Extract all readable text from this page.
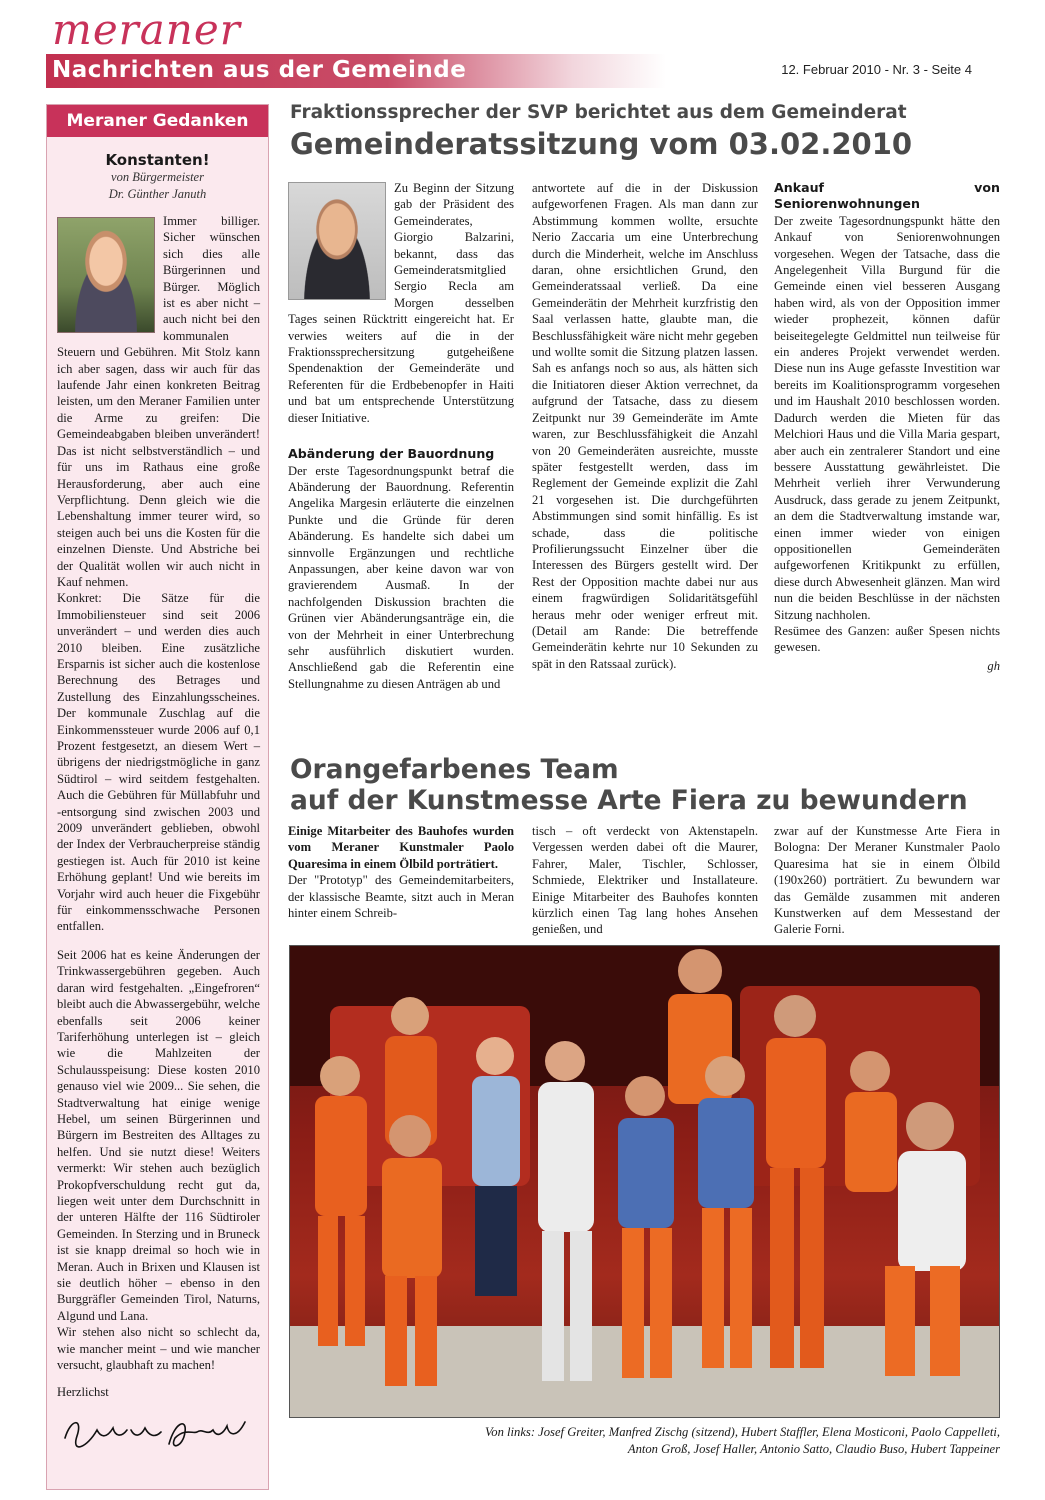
meraner
Nachrichten aus der Gemeinde	12. Februar 2010 - Nr. 3 - Seite 4
Meraner Gedanken
Konstanten!
von Bürgermeister
Dr. Günther Januth

Immer billiger. Sicher wünschen sich dies alle Bürgerinnen und Bürger. Möglich ist es aber nicht – auch nicht bei den kommunalen Steuern und Gebühren. Mit Stolz kann ich aber sagen, dass wir auch für das laufende Jahr einen konkreten Beitrag leisten, um den Meraner Familien unter die Arme zu greifen: Die Gemeindeabgaben bleiben unverändert! Das ist nicht selbstverständlich – und für uns im Rathaus eine große Herausforderung, aber auch eine Verpflichtung. Denn gleich wie die Lebenshaltung immer teurer wird, so steigen auch bei uns die Kosten für die einzelnen Dienste. Und Abstriche bei der Qualität wollen wir auch nicht in Kauf nehmen.

Konkret: Die Sätze für die Immobiliensteuer sind seit 2006 unverändert – und werden dies auch 2010 bleiben. Eine zusätzliche Ersparnis ist sicher auch die kostenlose Berechnung des Betrages und Zustellung des Einzahlungsscheines. Der kommunale Zuschlag auf die Einkommenssteuer wurde 2006 auf 0,1 Prozent festgesetzt, an diesem Wert – übrigens der niedrigstmögliche in ganz Südtirol – wird seitdem festgehalten. Auch die Gebühren für Müllabfuhr und -entsorgung sind zwischen 2003 und 2009 unverändert geblieben, obwohl der Index der Verbraucherpreise ständig gestiegen ist. Auch für 2010 ist keine Erhöhung geplant! Und wie bereits im Vorjahr wird auch heuer die Fixgebühr für einkommensschwache Personen entfallen.

Seit 2006 hat es keine Änderungen der Trinkwassergebühren gegeben. Auch daran wird festgehalten. „Eingefroren“ bleibt auch die Abwassergebühr, welche ebenfalls seit 2006 keiner Tariferhöhung unterlegen ist – gleich wie die Mahlzeiten der Schulausspeisung: Diese kosten 2010 genauso viel wie 2009... Sie sehen, die Stadtverwaltung hat einige wenige Hebel, um seinen Bürgerinnen und Bürgern im Bestreiten des Alltages zu helfen. Und sie nutzt diese! Weiters vermerkt: Wir stehen auch bezüglich Prokopfverschuldung recht gut da, liegen weit unter dem Durchschnitt in der unteren Hälfte der 116 Südtiroler Gemeinden. In Sterzing und in Bruneck ist sie knapp dreimal so hoch wie in Meran. Auch in Brixen und Klausen ist sie deutlich höher – ebenso in den Burggräfler Gemeinden Tirol, Naturns, Algund und Lana.

Wir stehen also nicht so schlecht da, wie mancher meint – und wie mancher versucht, glaubhaft zu machen!

Herzlichst
Fraktionssprecher der SVP berichtet aus dem Gemeinderat
Gemeinderatssitzung vom 03.02.2010

Zu Beginn der Sitzung gab der Präsident des Gemeinderates, Giorgio Balzarini, bekannt, dass das Gemeinderatsmitglied Sergio Recla am Morgen desselben Tages seinen Rücktritt eingereicht hat. Er verwies weiters auf die in der Fraktionssprechersitzung gutgeheißene Spendenaktion der Gemeinderäte und Referenten für die Erdbebenopfer in Haiti und bat um entsprechende Unterstützung dieser Initiative.

Abänderung der Bauordnung

Der erste Tagesordnungspunkt betraf die Abänderung der Bauordnung. Referentin Angelika Margesin erläuterte die einzelnen Punkte und die Gründe für deren Abänderung. Es handelte sich dabei um sinnvolle Ergänzungen und rechtliche Anpassungen, aber keine davon war von gravierendem Ausmaß. In der nachfolgenden Diskussion brachten die Grünen vier Abänderungsanträge ein, die von der Mehrheit in einer Unterbrechung sehr ausführlich diskutiert wurden. Anschließend gab die Referentin eine Stellungnahme zu diesen Anträgen ab und

antwortete auf die in der Diskussion aufgeworfenen Fragen. Als man dann zur Abstimmung kommen wollte, ersuchte Nerio Zaccaria um eine Unterbrechung durch die Minderheit, welche im Anschluss daran, ohne ersichtlichen Grund, den Gemeinderatssaal verließ. Da eine Gemeinderätin der Mehrheit kurzfristig den Saal verlassen hatte, glaubte man, die Beschlussfähigkeit wäre nicht mehr gegeben und wollte somit die Sitzung platzen lassen. Sah es anfangs noch so aus, als hätten sich die Initiatoren dieser Aktion verrechnet, da aufgrund der Tatsache, dass zu diesem Zeitpunkt nur 39 Gemeinderäte im Amte waren, zur Beschlussfähigkeit die Anzahl von 20 Gemeinderäten ausreichte, musste später festgestellt werden, dass im Reglement der Gemeinde explizit die Zahl 21 vorgesehen ist. Die durchgeführten Abstimmungen sind somit hinfällig. Es ist schade, dass die politische Profilierungssucht Einzelner über die Interessen des Bürgers gestellt wird. Der Rest der Opposition machte dabei nur aus einem fragwürdigen Solidaritätsgefühl heraus mehr oder weniger erfreut mit. (Detail am Rande: Die betreffende Gemeinderätin kehrte nur 10 Sekunden zu spät in den Ratssaal zurück).

Ankauf von Seniorenwohnungen

Der zweite Tagesordnungspunkt hätte den Ankauf von Seniorenwohnungen vorgesehen. Wegen der Tatsache, dass die Angelegenheit Villa Burgund für die Gemeinde einen viel besseren Ausgang haben wird, als von der Opposition immer wieder prophezeit, können dafür beiseitegelegte Geldmittel nun teilweise für ein anderes Projekt verwendet werden. Diese nun ins Auge gefasste Investition war bereits im Koalitionsprogramm vorgesehen und im Haushalt 2010 beschlossen worden. Dadurch werden die Mieten für das Melchiori Haus und die Villa Maria gespart, aber auch ein zentralerer Standort und eine bessere Ausstattung gewährleistet. Die Mehrheit verlieh ihrer Verwunderung Ausdruck, dass gerade zu jenem Zeitpunkt, an dem die Stadtverwaltung imstande war, einen immer wieder von einigen oppositionellen Gemeinderäten aufgeworfenen Kritikpunkt zu erfüllen, diese durch Abwesenheit glänzen. Man wird nun die beiden Beschlüsse in der nächsten Sitzung nachholen.

Resümee des Ganzen: außer Spesen nichts gewesen.

gh
Orangefarbenes Team
auf der Kunstmesse Arte Fiera zu bewundern

Einige Mitarbeiter des Bauhofes wurden vom Meraner Kunstmaler Paolo Quaresima in einem Ölbild porträtiert.

Der "Prototyp" des Gemeindemitarbeiters, der klassische Beamte, sitzt auch in Meran hinter einem Schreib-

tisch – oft verdeckt von Aktenstapeln. Vergessen werden dabei oft die Maurer, Fahrer, Maler, Tischler, Schlosser, Schmiede, Elektriker und Installateure. Einige Mitarbeiter des Bauhofes konnten kürzlich einen Tag lang hohes Ansehen genießen, und

zwar auf der Kunstmesse Arte Fiera in Bologna: Der Meraner Kunstmaler Paolo Quaresima hat sie in einem Ölbild (190x260) porträtiert. Zu bewundern war das Gemälde zusammen mit anderen Kunstwerken auf dem Messestand der Galerie Forni.

Von links: Josef Greiter, Manfred Zischg (sitzend), Hubert Staffler, Elena Mosticoni, Paolo Cappelleti,
Anton Groß, Josef Haller, Antonio Satto, Claudio Buso, Hubert Tappeiner
